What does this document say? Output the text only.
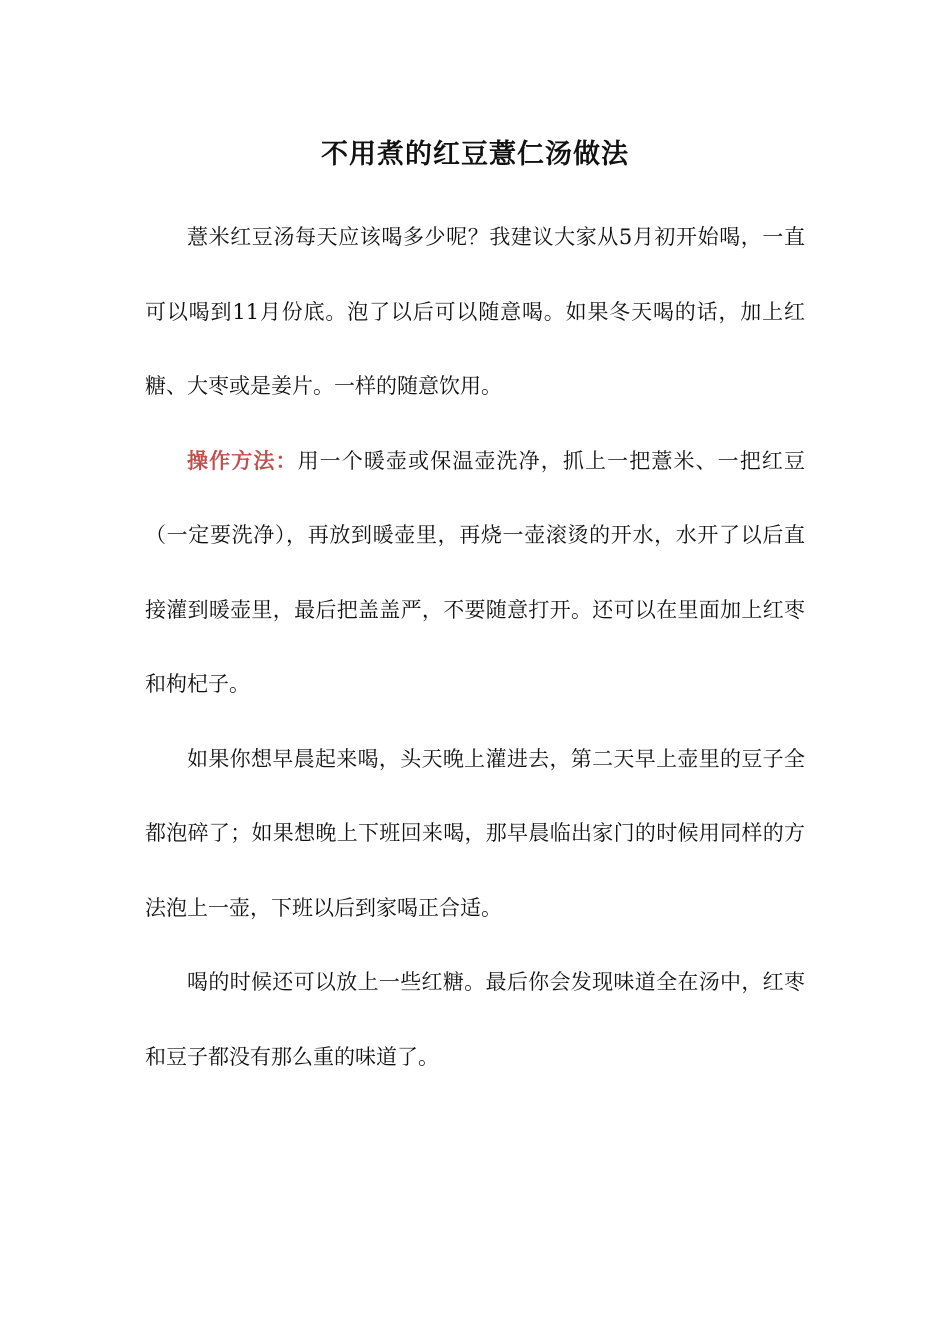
不用煮的红豆薏仁汤做法

薏米红豆汤每天应该喝多少呢？我建议大家从5月初开始喝，一直可以喝到11月份底。泡了以后可以随意喝。如果冬天喝的话，加上红糖、大枣或是姜片。一样的随意饮用。

操作方法：用一个暖壶或保温壶洗净，抓上一把薏米、一把红豆（一定要洗净），再放到暖壶里，再烧一壶滚烫的开水，水开了以后直接灌到暖壶里，最后把盖盖严，不要随意打开。还可以在里面加上红枣和枸杞子。

如果你想早晨起来喝，头天晚上灌进去，第二天早上壶里的豆子全都泡碎了；如果想晚上下班回来喝，那早晨临出家门的时候用同样的方法泡上一壶，下班以后到家喝正合适。

喝的时候还可以放上一些红糖。最后你会发现味道全在汤中，红枣和豆子都没有那么重的味道了。
